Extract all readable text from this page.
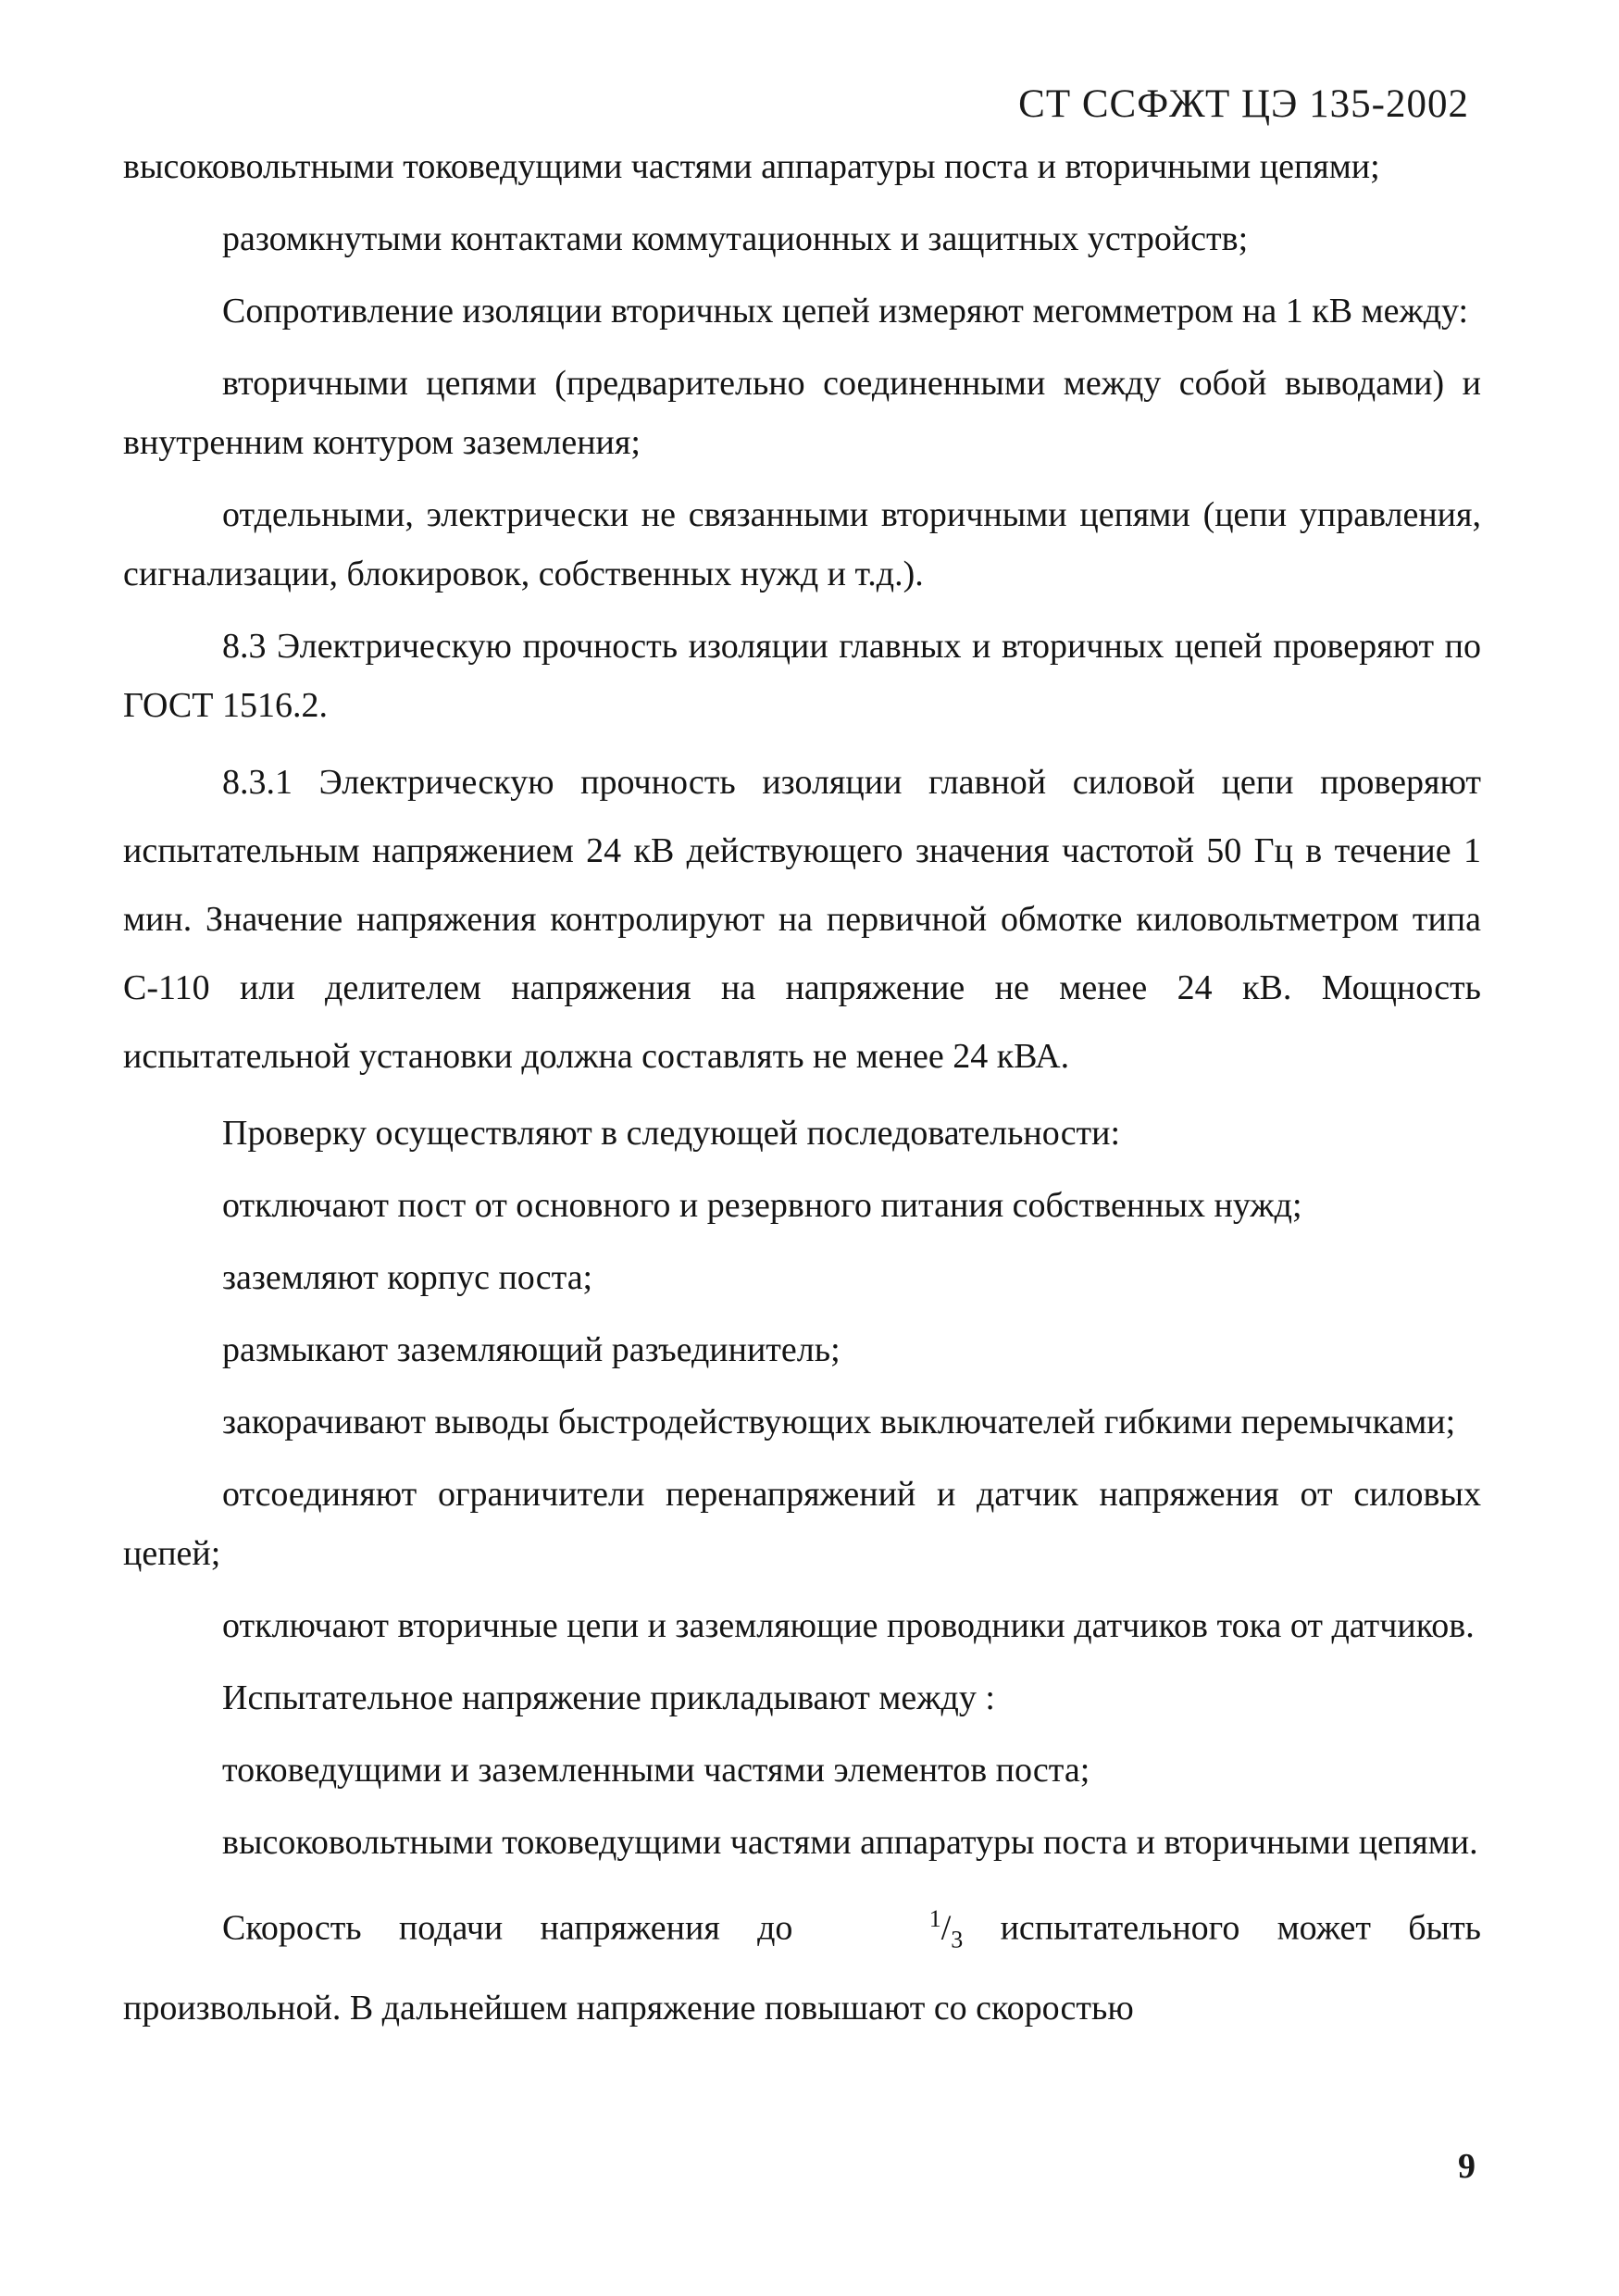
СТ ССФЖТ ЦЭ 135-2002

высоковольтными токоведущими частями аппаратуры поста и вторичными цепями;

разомкнутыми контактами коммутационных и защитных устройств;

Сопротивление изоляции вторичных цепей измеряют мегомметром на 1 кВ между:

вторичными цепями (предварительно соединенными между собой выводами) и внутренним контуром заземления;

отдельными, электрически не связанными вторичными цепями (цепи управления, сигнализации, блокировок, собственных нужд и т.д.).

8.3 Электрическую прочность изоляции главных и вторичных цепей проверяют по ГОСТ 1516.2.

8.3.1 Электрическую прочность изоляции главной силовой цепи проверяют испытательным напряжением 24 кВ действующего значения частотой 50 Гц в течение 1 мин. Значение напряжения контролируют на первичной обмотке киловольтметром типа С-110 или делителем напряжения на напряжение не менее 24 кВ. Мощность испытательной установки должна составлять не менее 24 кВА.

Проверку осуществляют в следующей последовательности:

отключают пост от основного и резервного питания собственных нужд;

заземляют корпус поста;

размыкают заземляющий разъединитель;

закорачивают выводы быстродействующих выключателей гибкими перемычками;

отсоединяют ограничители перенапряжений и датчик напряжения от силовых цепей;

отключают вторичные цепи и заземляющие проводники датчиков тока от датчиков.

Испытательное напряжение прикладывают между :

токоведущими и заземленными частями элементов поста;

высоковольтными токоведущими частями аппаратуры поста и вторичными цепями.

Скорость подачи напряжения до	$^1/_3$ испытательного может быть произвольной. В дальнейшем напряжение повышают со скоростью

9
